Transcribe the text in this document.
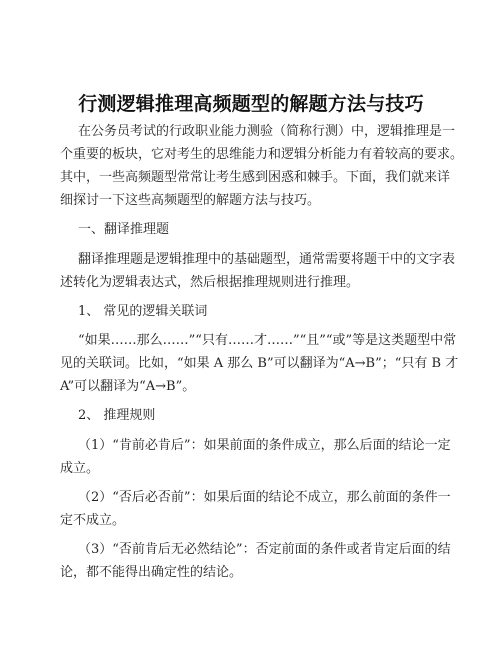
行测逻辑推理高频题型的解题方法与技巧
在公务员考试的行政职业能力测验（简称行测）中，逻辑推理是一
个重要的板块，它对考生的思维能力和逻辑分析能力有着较高的要求。
其中，一些高频题型常常让考生感到困惑和棘手。下面，我们就来详
细探讨一下这些高频题型的解题方法与技巧。
一、翻译推理题
翻译推理题是逻辑推理中的基础题型，通常需要将题干中的文字表
述转化为逻辑表达式，然后根据推理规则进行推理。
1、 常见的逻辑关联词
“如果……那么……”“只有……才……”“且”“或”等是这类题型中常
见的关联词。比如，“如果 A 那么 B”可以翻译为“A→B”；“只有 B 才
A”可以翻译为“A→B”。
2、 推理规则
（1）“肯前必肯后”：如果前面的条件成立，那么后面的结论一定
成立。
（2）“否后必否前”：如果后面的结论不成立，那么前面的条件一
定不成立。
（3）“否前肯后无必然结论”：否定前面的条件或者肯定后面的结
论，都不能得出确定性的结论。
